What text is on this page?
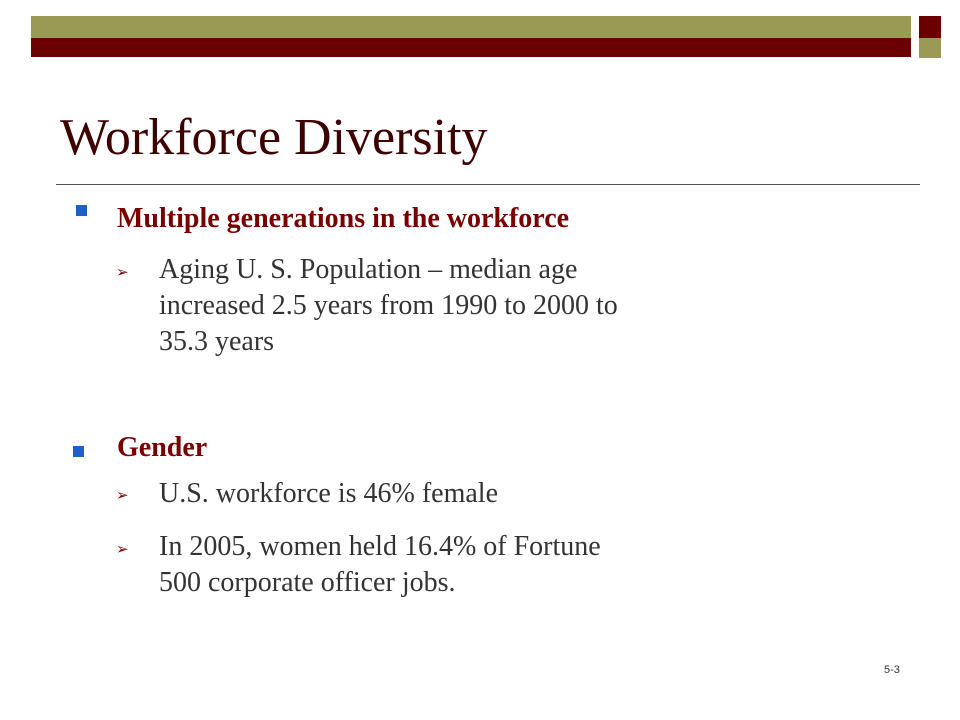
Workforce Diversity
Multiple generations in the workforce
➢ Aging U. S. Population – median age
increased 2.5 years from 1990 to 2000 to
35.3 years
Gender
➢ U.S. workforce is 46% female
➢ In 2005, women held 16.4% of Fortune
500 corporate officer jobs.
5-3
